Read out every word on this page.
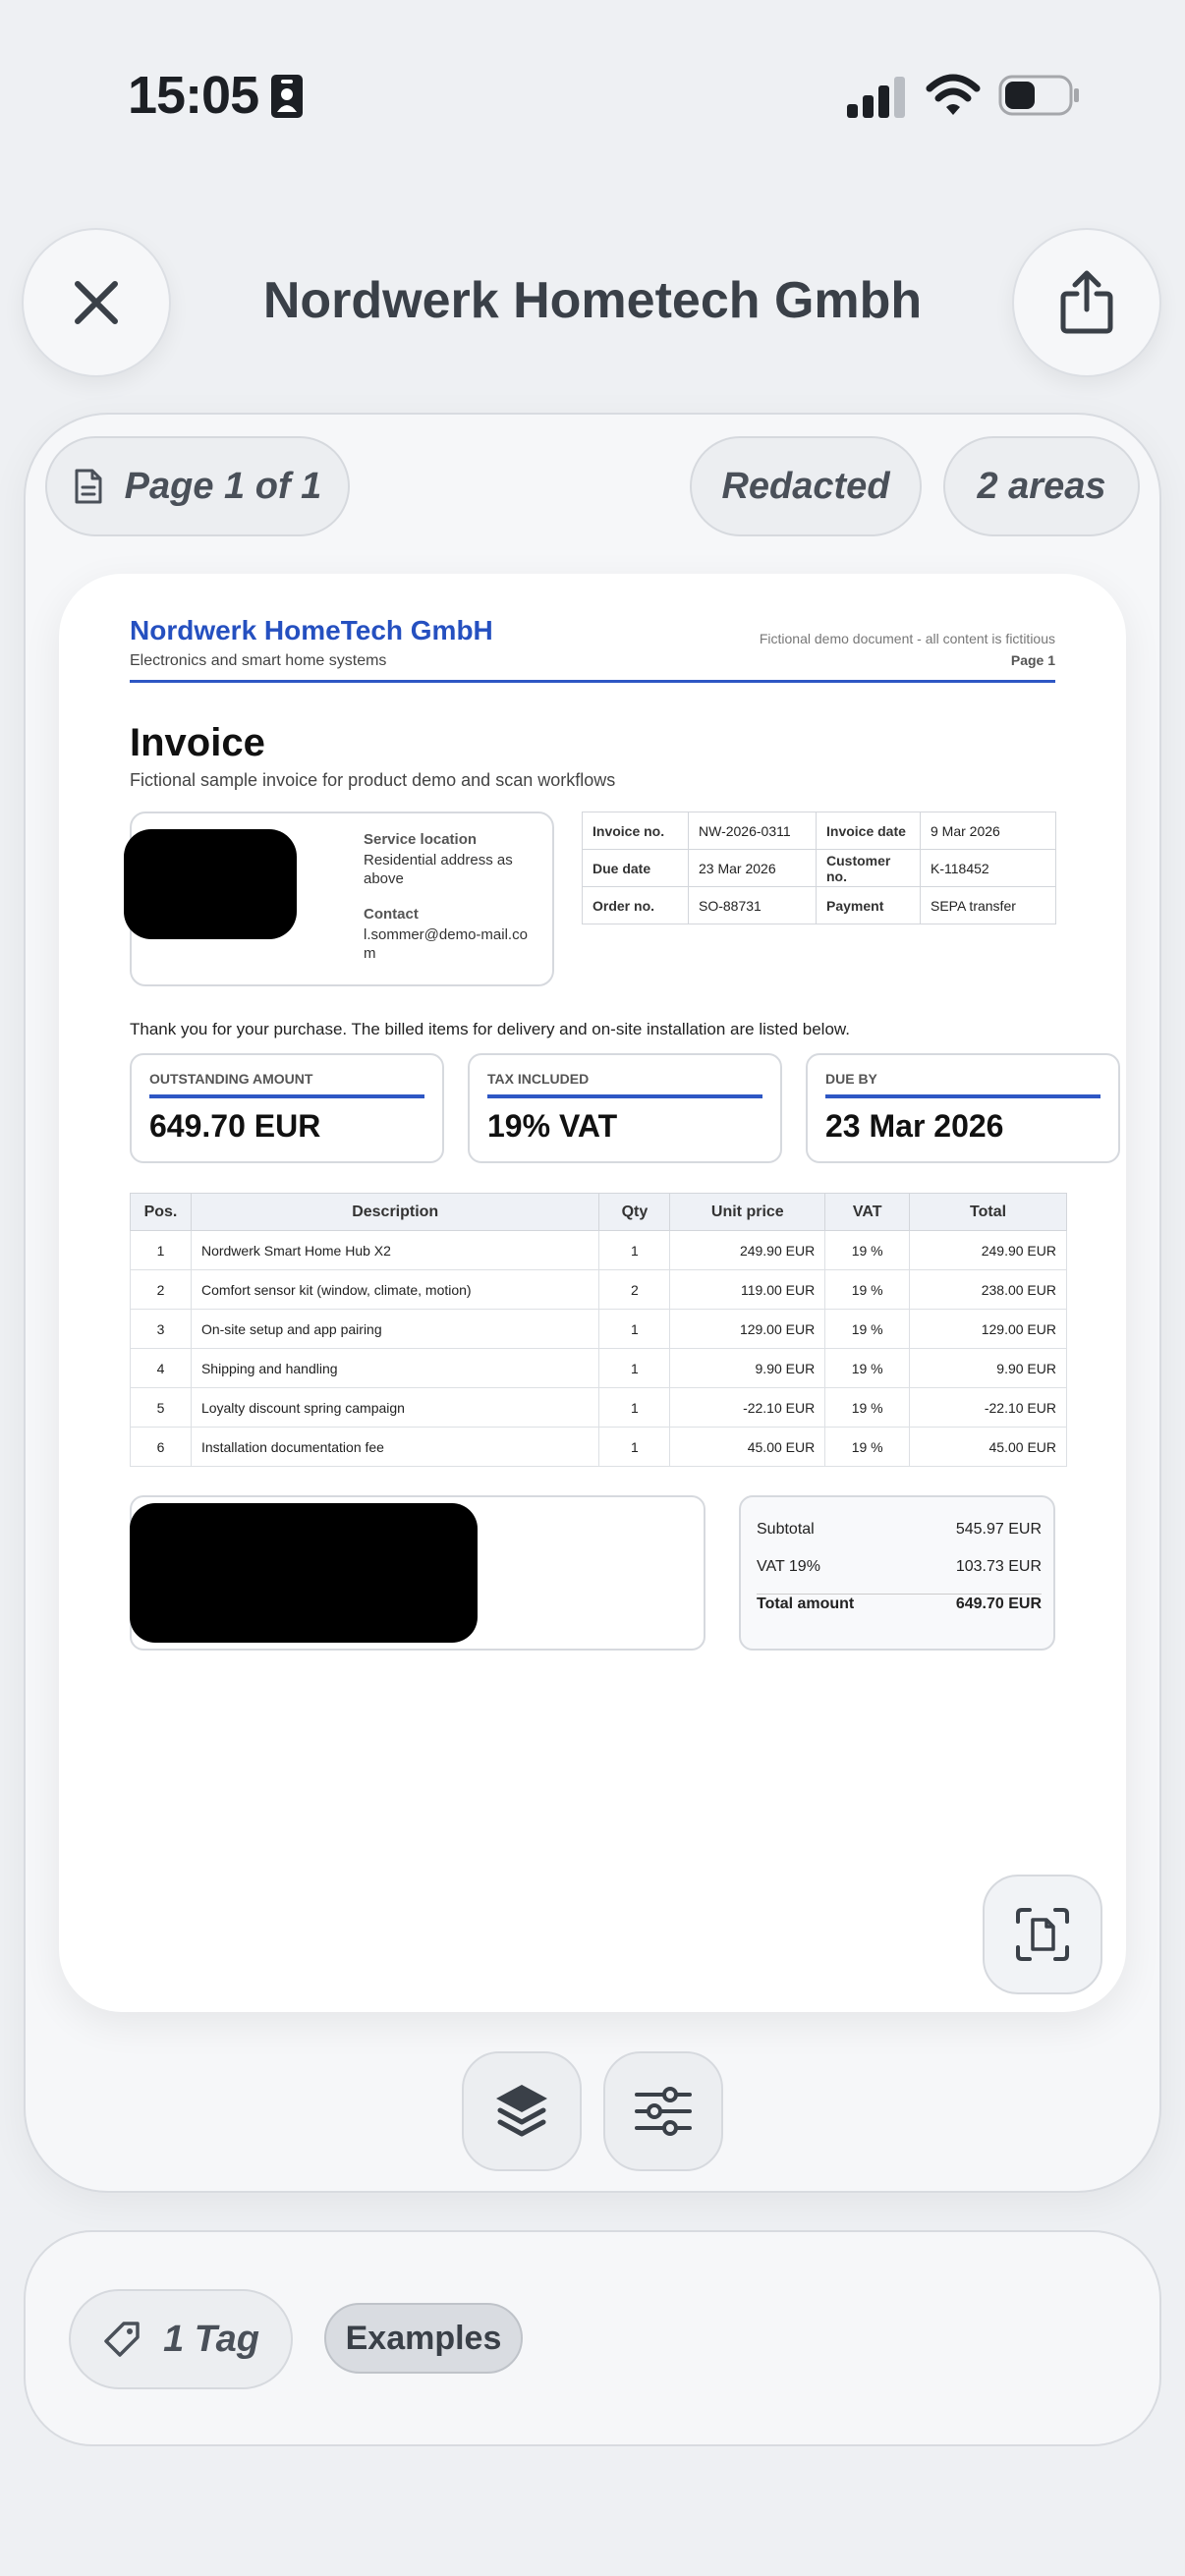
15:05
Nordwerk Hometech Gmbh
Page 1 of 1	Redacted 2 areas
Nordwerk HomeTech GmbH
Electronics and smart home systems
Fictional demo document - all content is fictitious
Page 1
Invoice
Fictional sample invoice for product demo and scan workflows
Service location
Residential address as above
Contact
l.sommer@demo-mail.com
Invoice no.	NW-2026-0311	Invoice date	9 Mar 2026
Due date	23 Mar 2026	Customer no.	K-118452
Order no.	SO-88731	Payment	SEPA transfer
Thank you for your purchase. The billed items for delivery and on-site installation are listed below.
OUTSTANDING AMOUNT
649.70 EUR
TAX INCLUDED
19% VAT
DUE BY
23 Mar 2026
Pos.	Description	Qty	Unit price	VAT	Total
1	Nordwerk Smart Home Hub X2	1	249.90 EUR	19 %	249.90 EUR
2	Comfort sensor kit (window, climate, motion)	2	119.00 EUR	19 %	238.00 EUR
3	On-site setup and app pairing	1	129.00 EUR	19 %	129.00 EUR
4	Shipping and handling	1	9.90 EUR	19 %	9.90 EUR
5	Loyalty discount spring campaign	1	-22.10 EUR	19 %	-22.10 EUR
6	Installation documentation fee	1	45.00 EUR	19 %	45.00 EUR
Subtotal	545.97 EUR
VAT 19%	103.73 EUR
Total amount	649.70 EUR
1 Tag	Examples
